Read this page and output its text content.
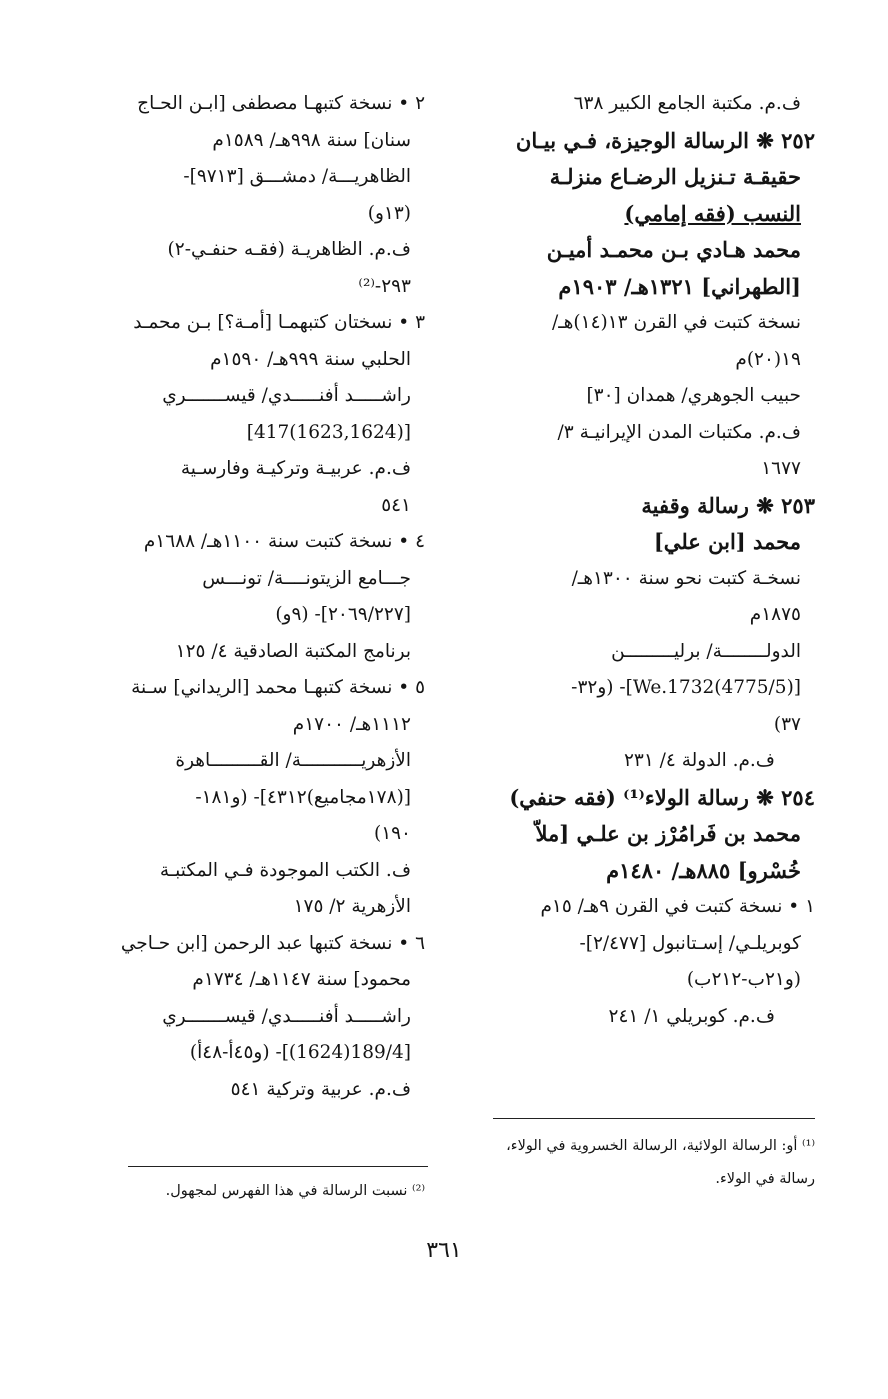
ف.م. مكتبة الجامع الكبير ٦٣٨
٢٥٢ ❋ الرسالة الوجيزة، فـي بيـان
حقيقـة تـنزيل الرضـاع منزلـة
النسب (فقه إمامي)
محمد هـادي بـن محمـد أميـن
[الطهراني] ١٣٢١هـ/ ١٩٠٣م
نسخة كتبت في القرن ١٣(١٤)هـ/
١٩(٢٠)م
حبيب الجوهري/ همدان [٣٠]
ف.م. مكتبات المدن الإيرانيـة ٣/
١٦٧٧
٢٥٣ ❋ رسالة وقفية
محمد [ابن علي]
نسخـة كتبت نحو سنة ١٣٠٠هـ/
١٨٧٥م
الدولــــــــة/ برليـــــــــن
[(4775/5)We.1732]- (و٣٢-
٣٧)
ف.م. الدولة ٤/ ٢٣١
٢٥٤ ❋ رسالة الولاء⁽¹⁾ (فقه حنفي)
محمد بن فَرامُرْز بن علـي [ملاّ
خُسْرو] ٨٨٥هـ/ ١٤٨٠م
١ • نسخة كتبت في القرن ٩هـ/ ١٥م
كوبريلـي/ إسـتانبول [٢/٤٧٧]-
(و٢١ب-٢١٢ب)
ف.م. كوبريلي ١/ ٢٤١
٢ • نسخة كتبهـا مصطفى [ابـن الحـاج
سنان] سنة ٩٩٨هـ/ ١٥٨٩م
الظاهريـــة/ دمشـــق [٩٧١٣]-
(١٣و)
ف.م. الظاهريـة (فقـه حنفـي-٢)
٢٩٣-⁽²⁾
٣ • نسختان كتبهمـا [أمـة؟] بـن محمـد
الحلبي سنة ٩٩٩هـ/ ١٥٩٠م
راشـــــد أفنـــــدي/ قيســـــــري
[(1623,1624)417]
ف.م. عربيـة وتركيـة وفارسـية
٥٤١
٤ • نسخة كتبت سنة ١١٠٠هـ/ ١٦٨٨م
جـــامع الزيتونــــة/ تونـــس
[٢٠٦٩/٢٢٧]- (٩و)
برنامج المكتبة الصادقية ٤/ ١٢٥
٥ • نسخة كتبهـا محمد [الريداني] سـنة
١١١٢هـ/ ١٧٠٠م
الأزهريـــــــــــة/ القـــــــــاهرة
[(١٧٨مجاميع)٤٣١٢]- (و١٨١-
١٩٠)
ف. الكتب الموجودة فـي المكتبـة
الأزهرية ٢/ ١٧٥
٦ • نسخة كتبها عبد الرحمن [ابن حـاجي
محمود] سنة ١١٤٧هـ/ ١٧٣٤م
راشـــــد أفنـــــدي/ قيســـــــري
[189/4(1624)]- (و٤٥أ-٤٨أ)
ف.م. عربية وتركية ٥٤١
⁽¹⁾ أو: الرسالة الولائية، الرسالة الخسروية في الولاء،
رسالة في الولاء.
⁽²⁾ نسبت الرسالة في هذا الفهرس لمجهول.
٣٦١
